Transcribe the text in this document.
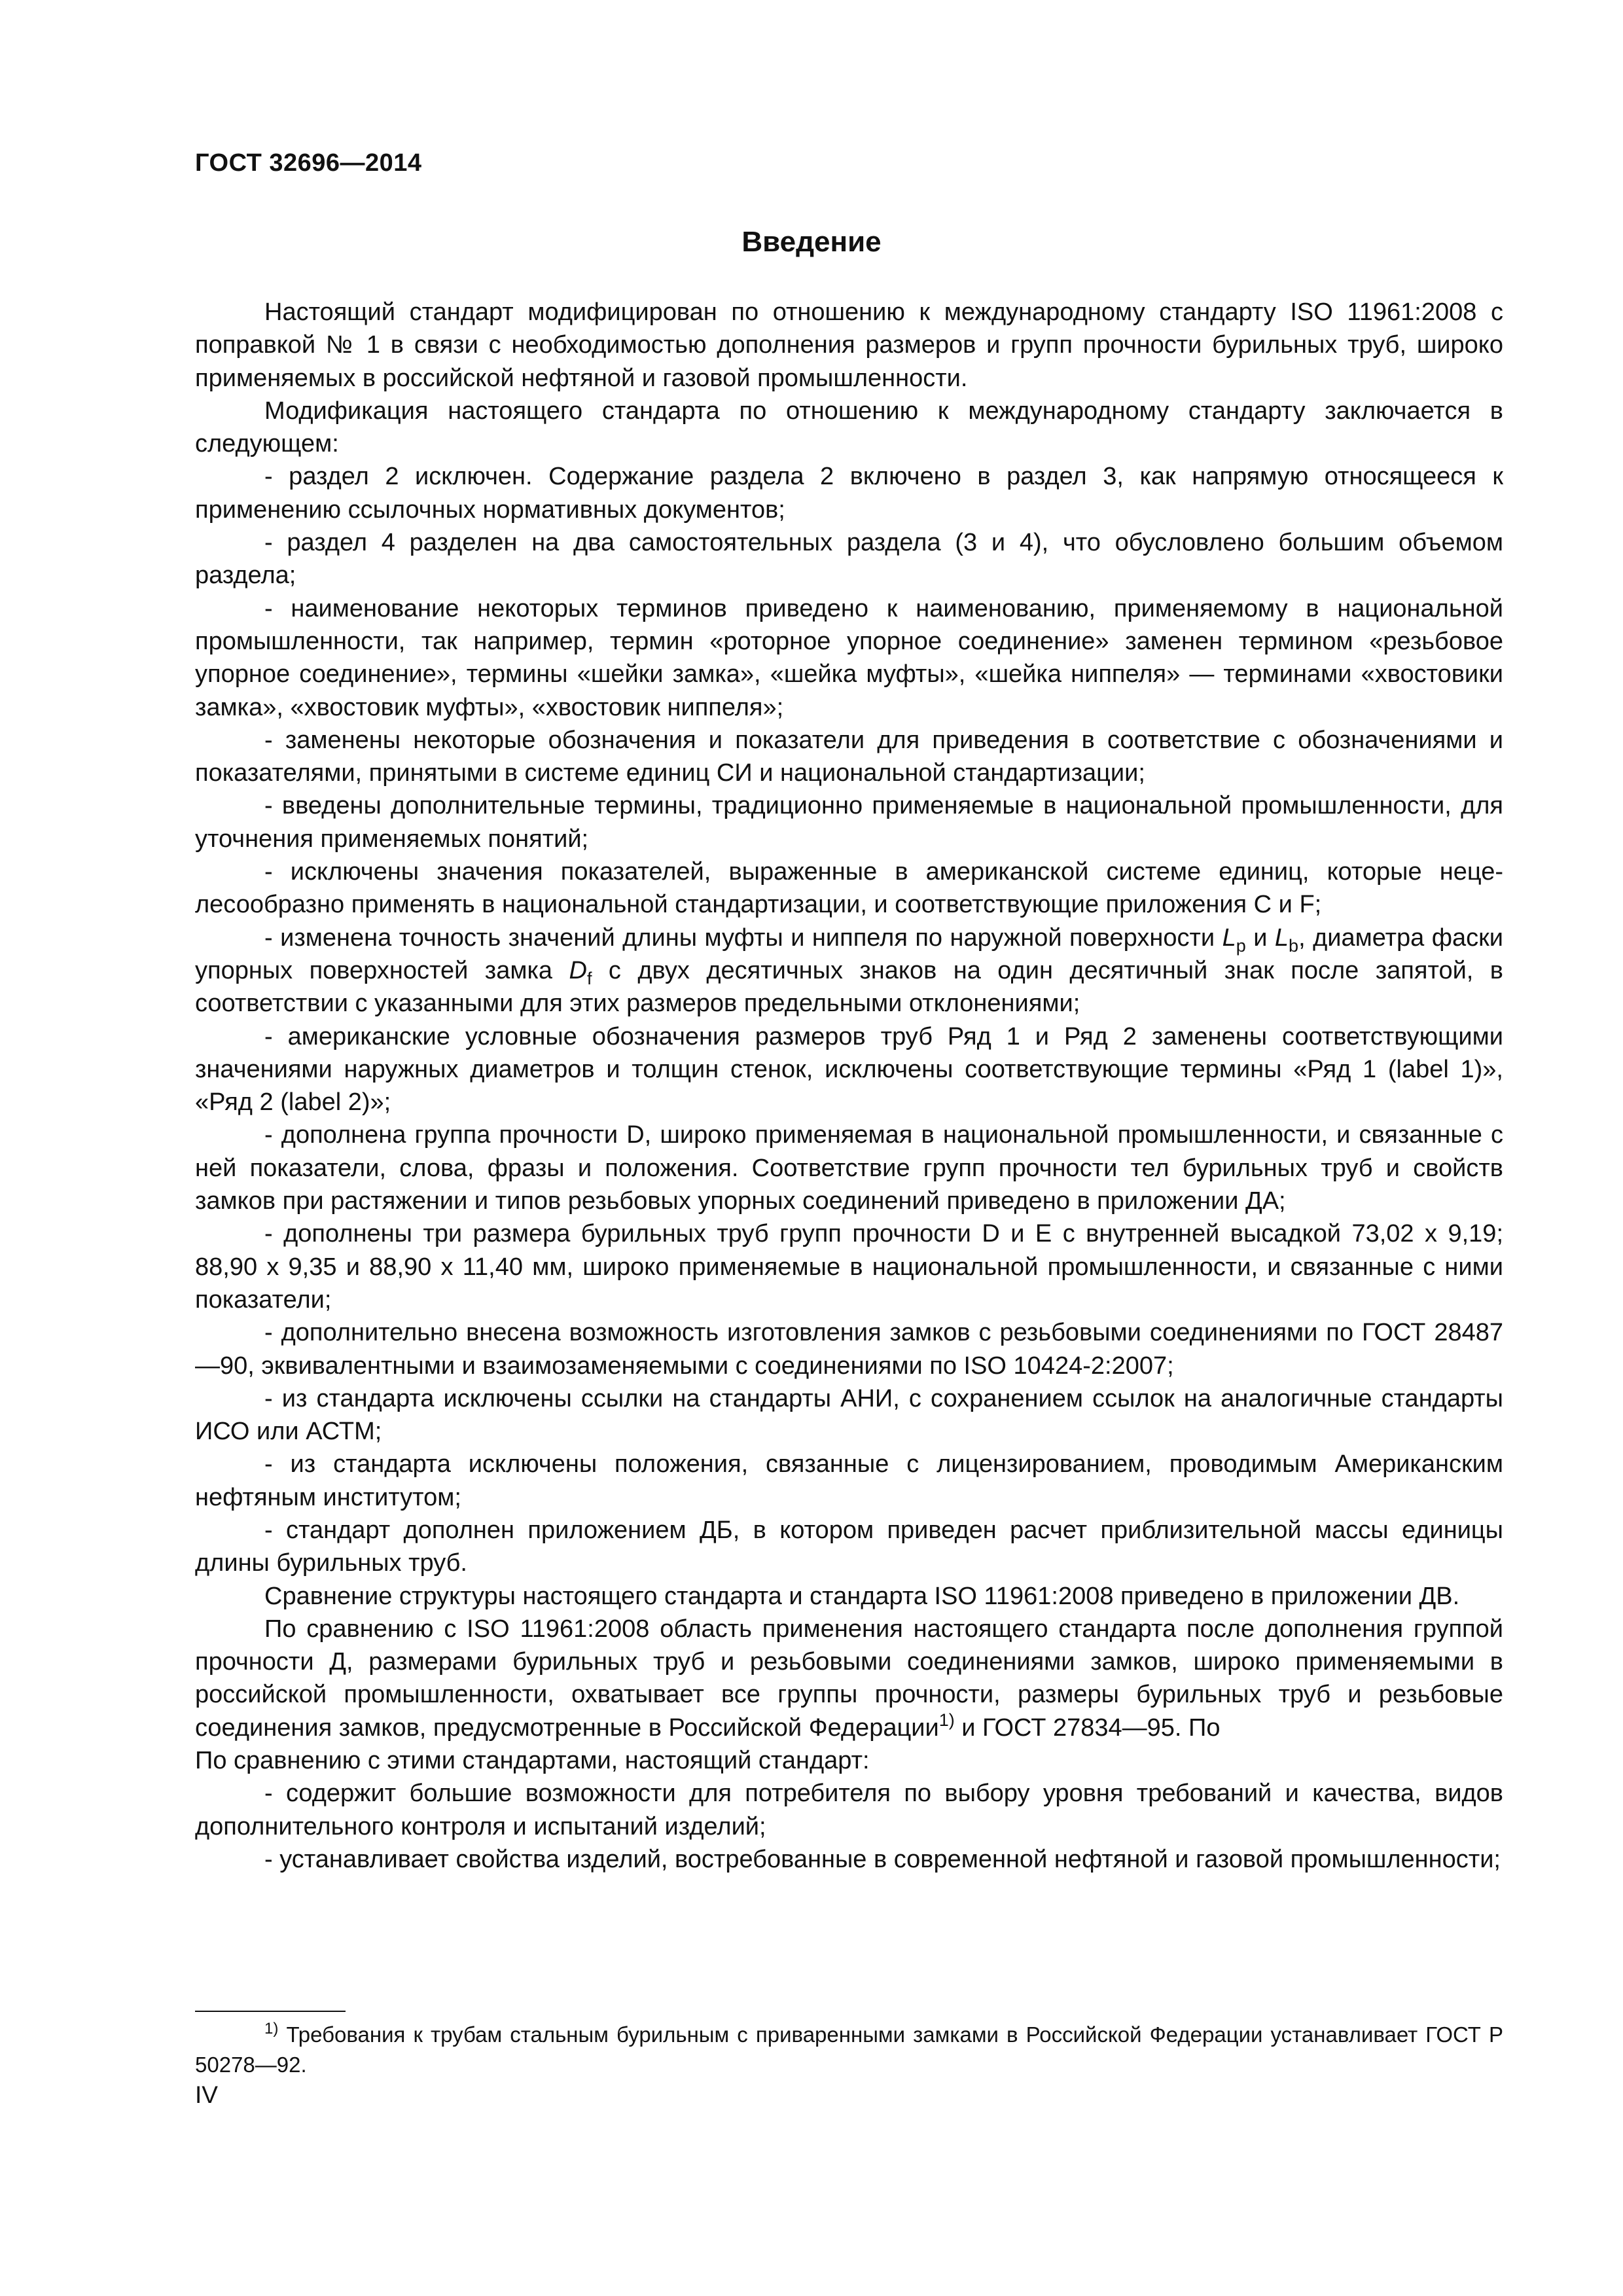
ГОСТ 32696—2014
Введение

Настоящий стандарт модифицирован по отношению к международному стандарту ISO 11961:2008 с поправкой № 1 в связи с необходимостью дополнения размеров и групп прочности бурильных труб, широко применяемых в российской нефтяной и газовой промышленности.

Модификация настоящего стандарта по отношению к международному стандарту заключается в следующем:

- раздел 2 исключен. Содержание раздела 2 включено в раздел 3, как напрямую относящееся к применению ссылочных нормативных документов;

- раздел 4 разделен на два самостоятельных раздела (3 и 4), что обусловлено большим объемом раздела;

- наименование некоторых терминов приведено к наименованию, применяемому в национальной промышленности, так например, термин «роторное упорное соединение» заменен термином «резьбовое упорное соединение», термины «шейки замка», «шейка муфты», «шейка ниппеля» — терминами «хвостовики замка», «хвостовик муфты», «хвостовик ниппеля»;

- заменены некоторые обозначения и показатели для приведения в соответствие с обозначениями и показателями, принятыми в системе единиц СИ и национальной стандартизации;

- введены дополнительные термины, традиционно применяемые в национальной промышленности, для уточнения применяемых понятий;

- исключены значения показателей, выраженные в американской системе единиц, которые нецелесообразно применять в национальной стандартизации, и соответствующие приложения C и F;

- изменена точность значений длины муфты и ниппеля по наружной поверхности $L_p$ и $L_b$, диаметра фаски упорных поверхностей замка $D_f$ с двух десятичных знаков на один десятичный знак после запятой, в соответствии с указанными для этих размеров предельными отклонениями;

- американские условные обозначения размеров труб Ряд 1 и Ряд 2 заменены соответствующими значениями наружных диаметров и толщин стенок, исключены соответствующие термины «Ряд 1 (label 1)», «Ряд 2 (label 2)»;

- дополнена группа прочности D, широко применяемая в национальной промышленности, и связанные с ней показатели, слова, фразы и положения. Соответствие групп прочности тел бурильных труб и свойств замков при растяжении и типов резьбовых упорных соединений приведено в приложении ДА;

- дополнены три размера бурильных труб групп прочности D и E с внутренней высадкой 73,02 x 9,19; 88,90 x 9,35 и 88,90 x 11,40 мм, широко применяемые в национальной промышленности, и связанные с ними показатели;

- дополнительно внесена возможность изготовления замков с резьбовыми соединениями по ГОСТ 28487—90, эквивалентными и взаимозаменяемыми с соединениями по ISO 10424-2:2007;

- из стандарта исключены ссылки на стандарты АНИ, с сохранением ссылок на аналогичные стандарты ИСО или АСТМ;

- из стандарта исключены положения, связанные с лицензированием, проводимым Американским нефтяным институтом;

- стандарт дополнен приложением ДБ, в котором приведен расчет приблизительной массы единицы длины бурильных труб.

Сравнение структуры настоящего стандарта и стандарта ISO 11961:2008 приведено в приложении ДВ.

По сравнению с ISO 11961:2008 область применения настоящего стандарта после дополнения группой прочности Д, размерами бурильных труб и резьбовыми соединениями замков, широко применяемыми в российской промышленности, охватывает все группы прочности, размеры бурильных труб и резьбовые соединения замков, предусмотренные в Российской Федерации$^{1)}$ и ГОСТ 27834—95. По
По сравнению с этими стандартами, настоящий стандарт:

- содержит большие возможности для потребителя по выбору уровня требований и качества, видов дополнительного контроля и испытаний изделий;

- устанавливает свойства изделий, востребованные в современной нефтяной и газовой промышленности;

$^{1)}$ Требования к трубам стальным бурильным с приваренными замками в Российской Федерации устанавливает ГОСТ Р 50278—92.

IV
